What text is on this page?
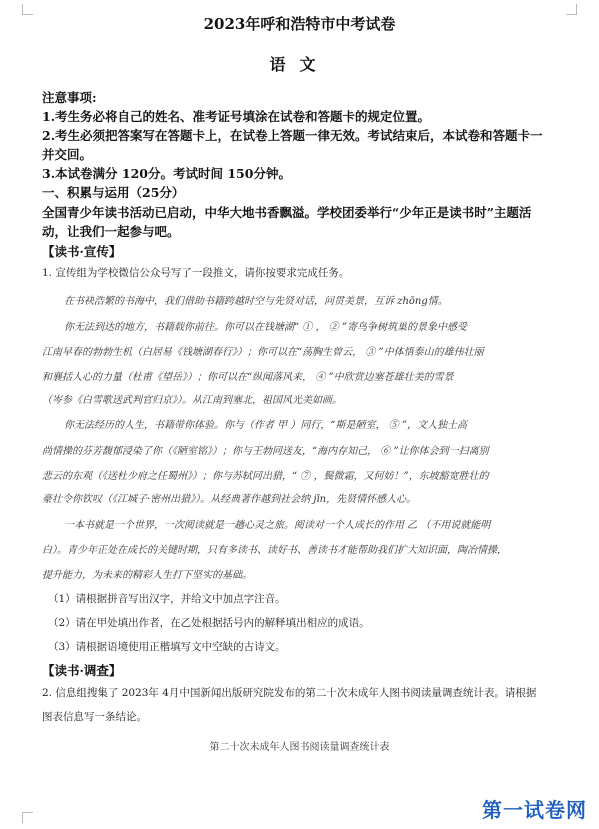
2023年呼和浩特市中考试卷
语文
注意事项:
1.考生务必将自己的姓名、准考证号填涂在试卷和答题卡的规定位置。
2.考生必须把答案写在答题卡上，在试卷上答题一律无效。考试结束后，本试卷和答题卡一
并交回。
3.本试卷满分 120分。考试时间 150分钟。
一、积累与运用（25分）
全国青少年读书活动已启动，中华大地书香飘溢。学校团委举行“少年正是读书时”主题活
动，让我们一起参与吧。
【读书·宣传】
1. 宣传组为学校微信公众号写了一段推文，请你按要求完成任务。
在书袂浩繁的书海中，我们借助书籍跨越时空与先贤对话，问贯美景，互诉 zhōng情。
你无法到达的地方，书籍载你前往。你可以在钱塘湖“ ① ， ② ”寄鸟争树筑巢的景象中感受
江南早春的勃勃生机（白居易《钱塘湖春行》）；你可以在“荡胸生曾云， ③ ”中体悟泰山的雄伟壮丽
和襄括人心的力量（杜甫《望岳》）；你可以在“纵闻落风来， ④ ”中欣赏边塞苍雄壮美的雪景
（岑参《白雪歌送武判官归京》）。从江南到塞北，祖国风光美如画。
你无法经历的人生，书籍带你体验。你与（作者 甲 ）同行，“斯是陋室， ⑤ ”，文人独士高
尚情操的芬芳馥郁浸染了你（《陋室铭》）；你与王勃同送友，“海内存知己， ⑥ ”让你体会到一扫离别
悲云的东观（《送杜少府之任蜀州》）；你与苏轼同出猎，“ ⑦ ，鬓微霜，又何妨！”，东坡豁宽胜壮的
豪壮令你钦叹（《江城子·密州出猎》）。从经典著作越到社会纳 jīn，先贤情怀感人心。
一本书就是一个世界，一次阅读就是一趟心灵之旅。阅读对一个人成长的作用 乙 （不用说就能明
白）。青少年正处在成长的关键时期，只有多读书、读好书、善读书才能帮助我们扩大知识面，陶冶情操，
提升能力，为未来的精彩人生打下坚实的基础。
（1）请根据拼音写出汉字，并给文中加点字注音。
（2）请在甲处填出作者，在乙处根据括号内的解释填出相应的成语。
（3）请根据语境使用正楷填写文中空缺的古诗文。
【读书·调查】
2. 信息组搜集了 2023年 4月中国新闻出版研究院发布的第二十次未成年人图书阅读量调查统计表。请根据
图表信息写一条结论。
第二十次未成年人图书阅读量调查统计表
第一试卷网
